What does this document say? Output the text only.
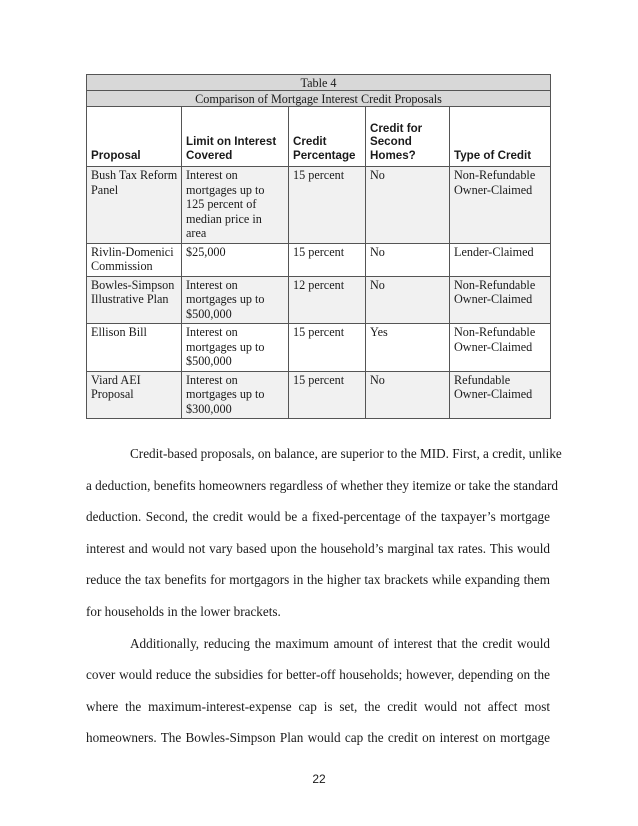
Table 4				
Comparison of Mortgage Interest Credit Proposals				
Proposal	Limit on Interest Covered	Credit Percentage	Credit for Second Homes?	Type of Credit
Bush Tax Reform Panel	Interest on mortgages up to 125 percent of median price in area	15 percent	No	Non-Refundable Owner-Claimed
Rivlin-Domenici Commission	$25,000	15 percent	No	Lender-Claimed
Bowles-Simpson Illustrative Plan	Interest on mortgages up to $500,000	12 percent	No	Non-Refundable Owner-Claimed
Ellison Bill	Interest on mortgages up to $500,000	15 percent	Yes	Non-Refundable Owner-Claimed
Viard AEI Proposal	Interest on mortgages up to $300,000	15 percent	No	Refundable Owner-Claimed

Credit-based proposals, on balance, are superior to the MID. First, a credit, unlike

a deduction, benefits homeowners regardless of whether they itemize or take the standard

deduction. Second, the credit would be a fixed-percentage of the taxpayer’s mortgage

interest and would not vary based upon the household’s marginal tax rates. This would

reduce the tax benefits for mortgagors in the higher tax brackets while expanding them

for households in the lower brackets.

Additionally, reducing the maximum amount of interest that the credit would

cover would reduce the subsidies for better-off households; however, depending on the

where the maximum-interest-expense cap is set, the credit would not affect most

homeowners. The Bowles-Simpson Plan would cap the credit on interest on mortgage

22
